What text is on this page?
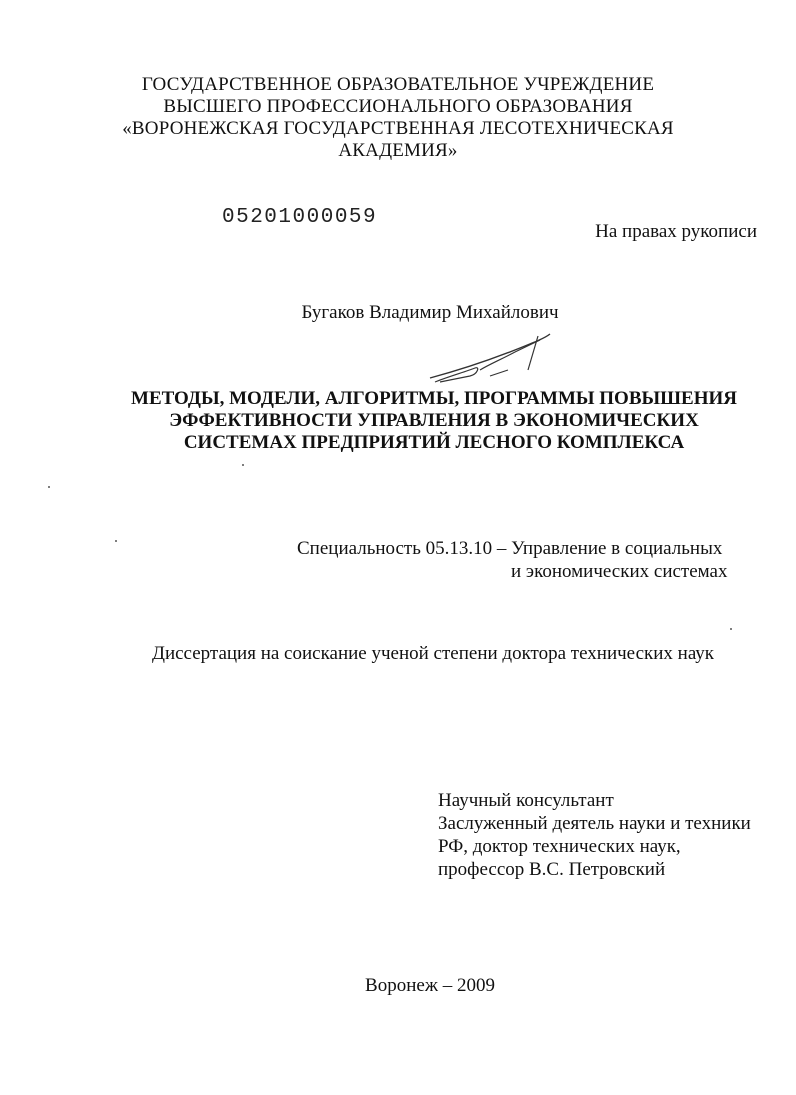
ГОСУДАРСТВЕННОЕ ОБРАЗОВАТЕЛЬНОЕ УЧРЕЖДЕНИЕ
ВЫСШЕГО ПРОФЕССИОНАЛЬНОГО ОБРАЗОВАНИЯ
«ВОРОНЕЖСКАЯ ГОСУДАРСТВЕННАЯ ЛЕСОТЕХНИЧЕСКАЯ
АКАДЕМИЯ»
05201000059
На правах рукописи
Бугаков Владимир Михайлович
МЕТОДЫ, МОДЕЛИ, АЛГОРИТМЫ, ПРОГРАММЫ ПОВЫШЕНИЯ
ЭФФЕКТИВНОСТИ УПРАВЛЕНИЯ В ЭКОНОМИЧЕСКИХ
СИСТЕМАХ ПРЕДПРИЯТИЙ ЛЕСНОГО КОМПЛЕКСА
Специальность 05.13.10 – Управление в социальных
и экономических системах
Диссертация на соискание ученой степени доктора технических наук
Научный консультант
Заслуженный деятель науки и техники
РФ, доктор технических наук,
профессор В.С. Петровский
Воронеж – 2009
